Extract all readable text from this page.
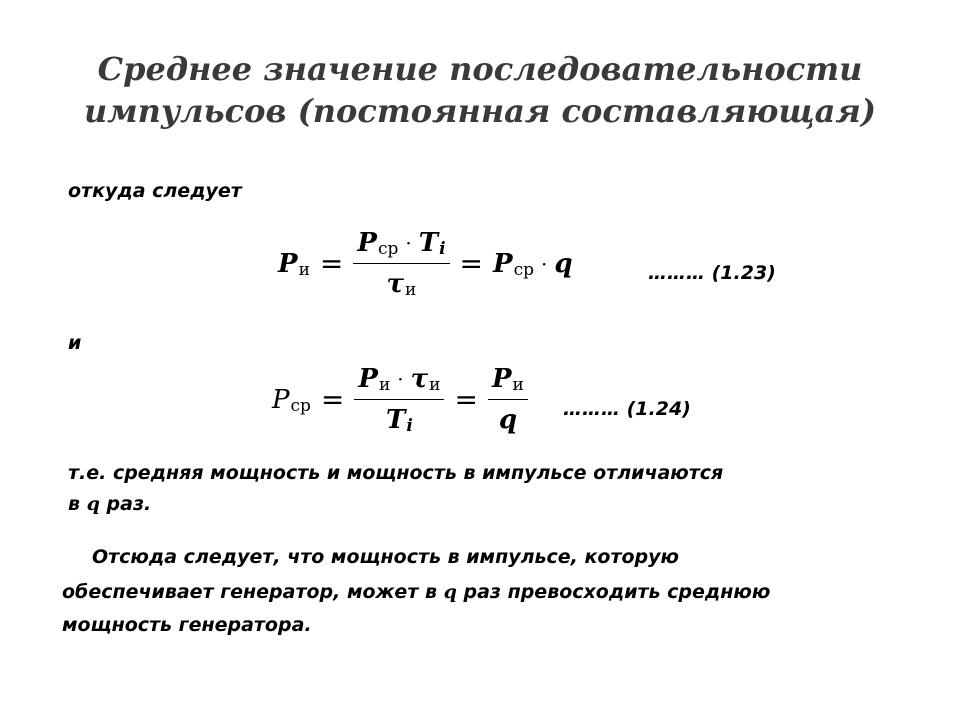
Среднее значение последовательности
импульсов (постоянная составляющая)
откуда следует
P $и = \frac{\text{P ср · T i}}{\text{τ и}} = P$ ср · q	……… (1.23)
и
P ср = $\frac{\text{P и · τ и}}{\text{T i}} = \frac{\text{P и}}{q}$ ……… (1.24)
т.е. средняя мощность и мощность в импульсе отличаются
в q раз.
Отсюда следует, что мощность в импульсе, которую
обеспечивает генератор, может в q раз превосходить среднюю
мощность генератора.
